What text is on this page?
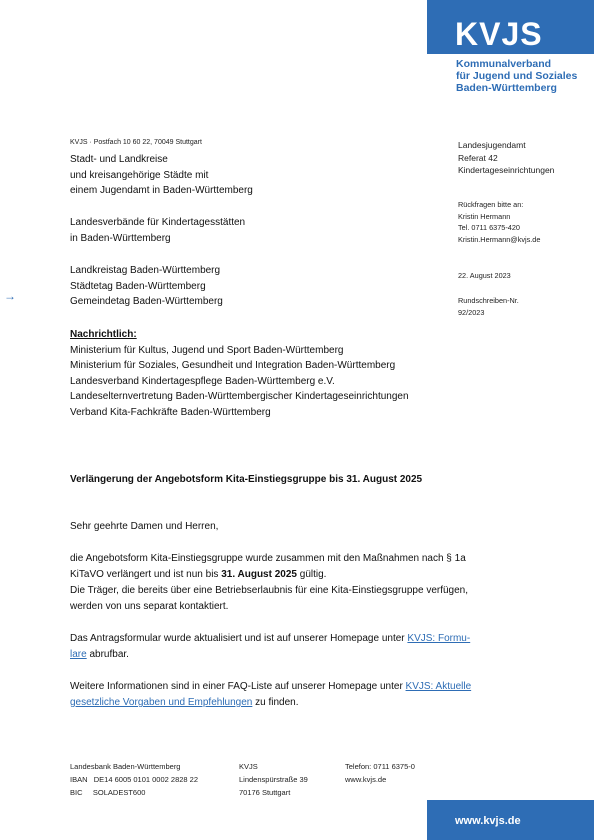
KVJS
Kommunalverband
für Jugend und Soziales
Baden-Württemberg
KVJS · Postfach 10 60 22, 70049 Stuttgart
Stadt- und Landkreise
und kreisangehörige Städte mit
einem Jugendamt in Baden-Württemberg
Landesverbände für Kindertagesstätten
in Baden-Württemberg
Landkreistag Baden-Württemberg
Städtetag Baden-Württemberg
Gemeindetag Baden-Württemberg
→
Nachrichtlich:
Ministerium für Kultus, Jugend und Sport Baden-Württemberg
Ministerium für Soziales, Gesundheit und Integration Baden-Württemberg
Landesverband Kindertagespflege Baden-Württemberg e.V.
Landeselternvertretung Baden-Württembergischer Kindertageseinrichtungen
Verband Kita-Fachkräfte Baden-Württemberg
Landesjugendamt
Referat 42
Kindertageseinrichtungen
Rückfragen bitte an:
Kristin Hermann
Tel. 0711 6375-420
Kristin.Hermann@kvjs.de
22. August 2023
Rundschreiben-Nr.
92/2023
Verlängerung der Angebotsform Kita-Einstiegsgruppe bis 31. August 2025
Sehr geehrte Damen und Herren,
die Angebotsform Kita-Einstiegsgruppe wurde zusammen mit den Maßnahmen nach § 1a
KiTaVO verlängert und ist nun bis 31. August 2025 gültig.
Die Träger, die bereits über eine Betriebserlaubnis für eine Kita-Einstiegsgruppe verfügen,
werden von uns separat kontaktiert.
Das Antragsformular wurde aktualisiert und ist auf unserer Homepage unter KVJS: Formu-
lare abrufbar.
Weitere Informationen sind in einer FAQ-Liste auf unserer Homepage unter KVJS: Aktuelle
gesetzliche Vorgaben und Empfehlungen zu finden.
Landesbank Baden-Württemberg
IBAN   DE14 6005 0101 0002 2828 22
BIC     SOLADEST600
KVJS
Lindenspürstraße 39
70176 Stuttgart
Telefon: 0711 6375-0
www.kvjs.de
www.kvjs.de
